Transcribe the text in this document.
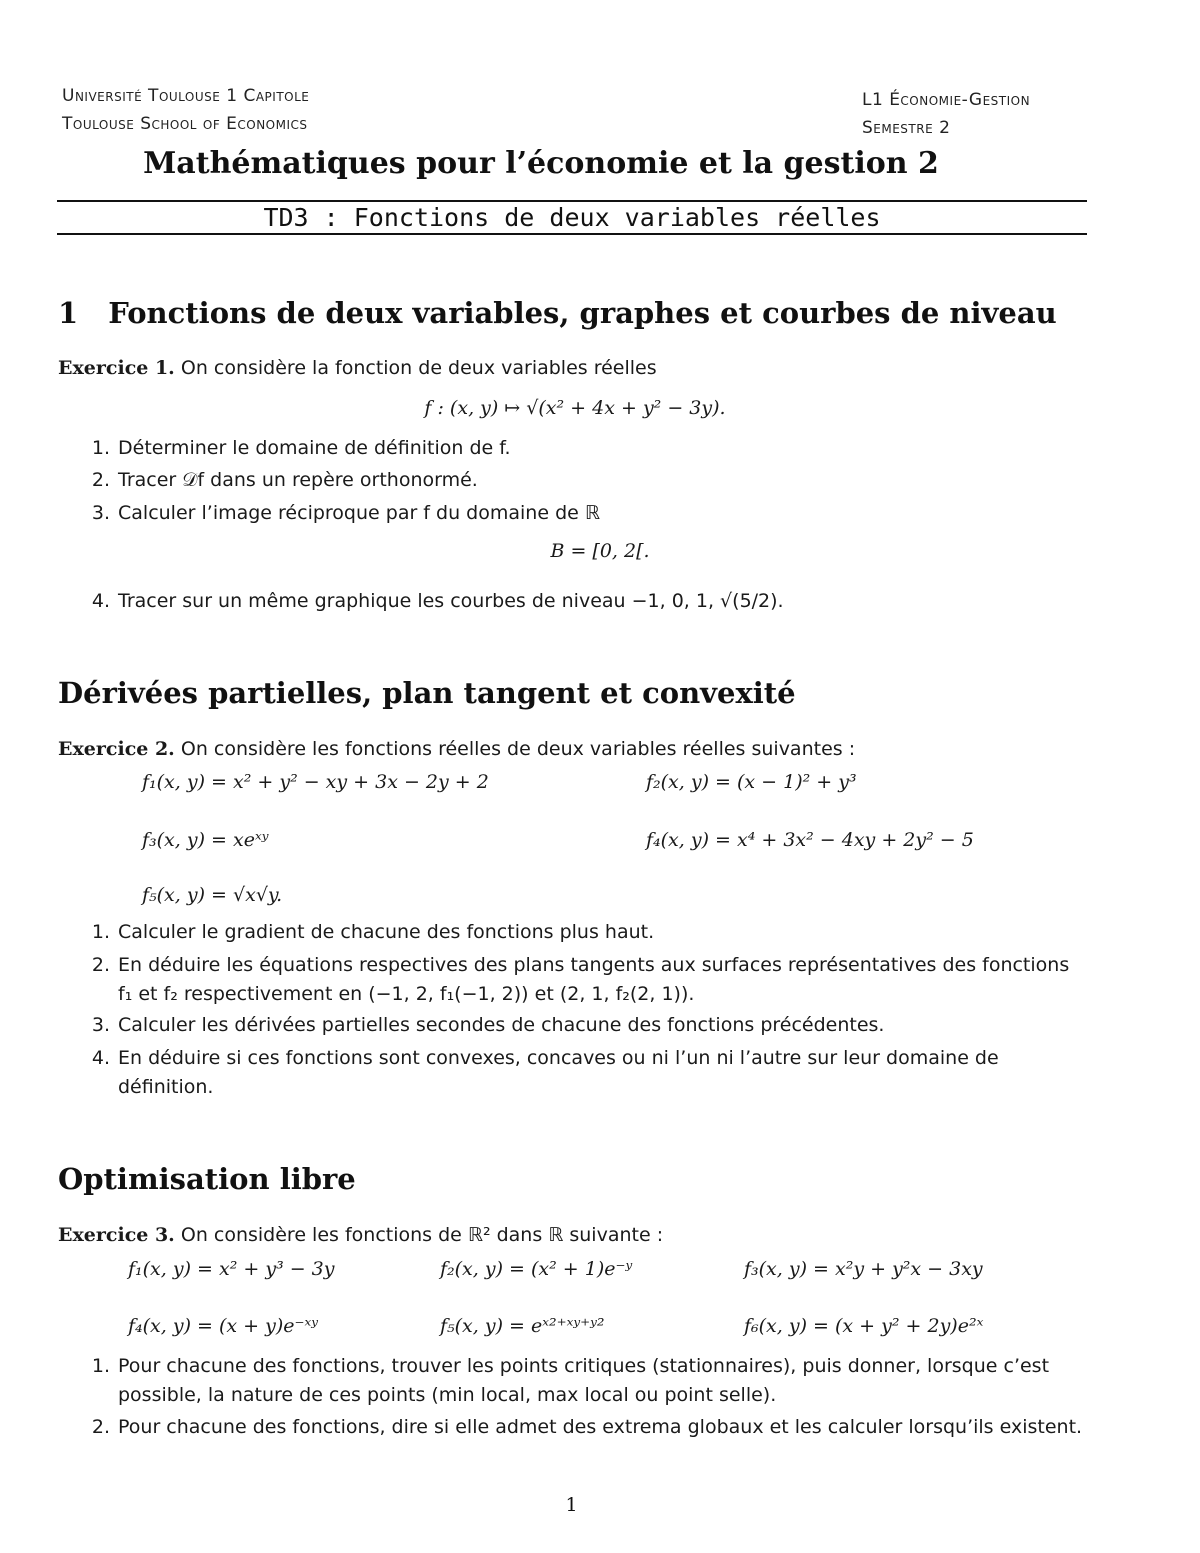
Université Toulouse 1 Capitole
Toulouse School of Economics
L1 Économie-Gestion
Semestre 2
Mathématiques pour l’économie et la gestion 2
TD3 : Fonctions de deux variables réelles
1 Fonctions de deux variables, graphes et courbes de niveau
Exercice 1. On considère la fonction de deux variables réelles
f : (x, y) ↦ √(x² + 4x + y² − 3y).
1. Déterminer le domaine de définition de f.
2. Tracer 𝒟f dans un repère orthonormé.
3. Calculer l’image réciproque par f du domaine de ℝ
B = [0, 2[.
4. Tracer sur un même graphique les courbes de niveau −1, 0, 1, √(5/2).
Dérivées partielles, plan tangent et convexité
Exercice 2. On considère les fonctions réelles de deux variables réelles suivantes :
f₁(x, y) = x² + y² − xy + 3x − 2y + 2	f₂(x, y) = (x − 1)² + y³
f₃(x, y) = xeˣʸ	f₄(x, y) = x⁴ + 3x² − 4xy + 2y² − 5
f₅(x, y) = √x√y.
1. Calculer le gradient de chacune des fonctions plus haut.
2. En déduire les équations respectives des plans tangents aux surfaces représentatives des fonctions
f₁ et f₂ respectivement en (−1, 2, f₁(−1, 2)) et (2, 1, f₂(2, 1)).
3. Calculer les dérivées partielles secondes de chacune des fonctions précédentes.
4. En déduire si ces fonctions sont convexes, concaves ou ni l’un ni l’autre sur leur domaine de
définition.
Optimisation libre
Exercice 3. On considère les fonctions de ℝ² dans ℝ suivante :
f₁(x, y) = x² + y³ − 3y	f₂(x, y) = (x² + 1)e⁻ʸ	f₃(x, y) = x²y + y²x − 3xy
f₄(x, y) = (x + y)e⁻ˣʸ	f₅(x, y) = eˣ²⁺ˣʸ⁺ʸ²	f₆(x, y) = (x + y² + 2y)e²ˣ
1. Pour chacune des fonctions, trouver les points critiques (stationnaires), puis donner, lorsque c’est
possible, la nature de ces points (min local, max local ou point selle).
2. Pour chacune des fonctions, dire si elle admet des extrema globaux et les calculer lorsqu’ils existent.
1
